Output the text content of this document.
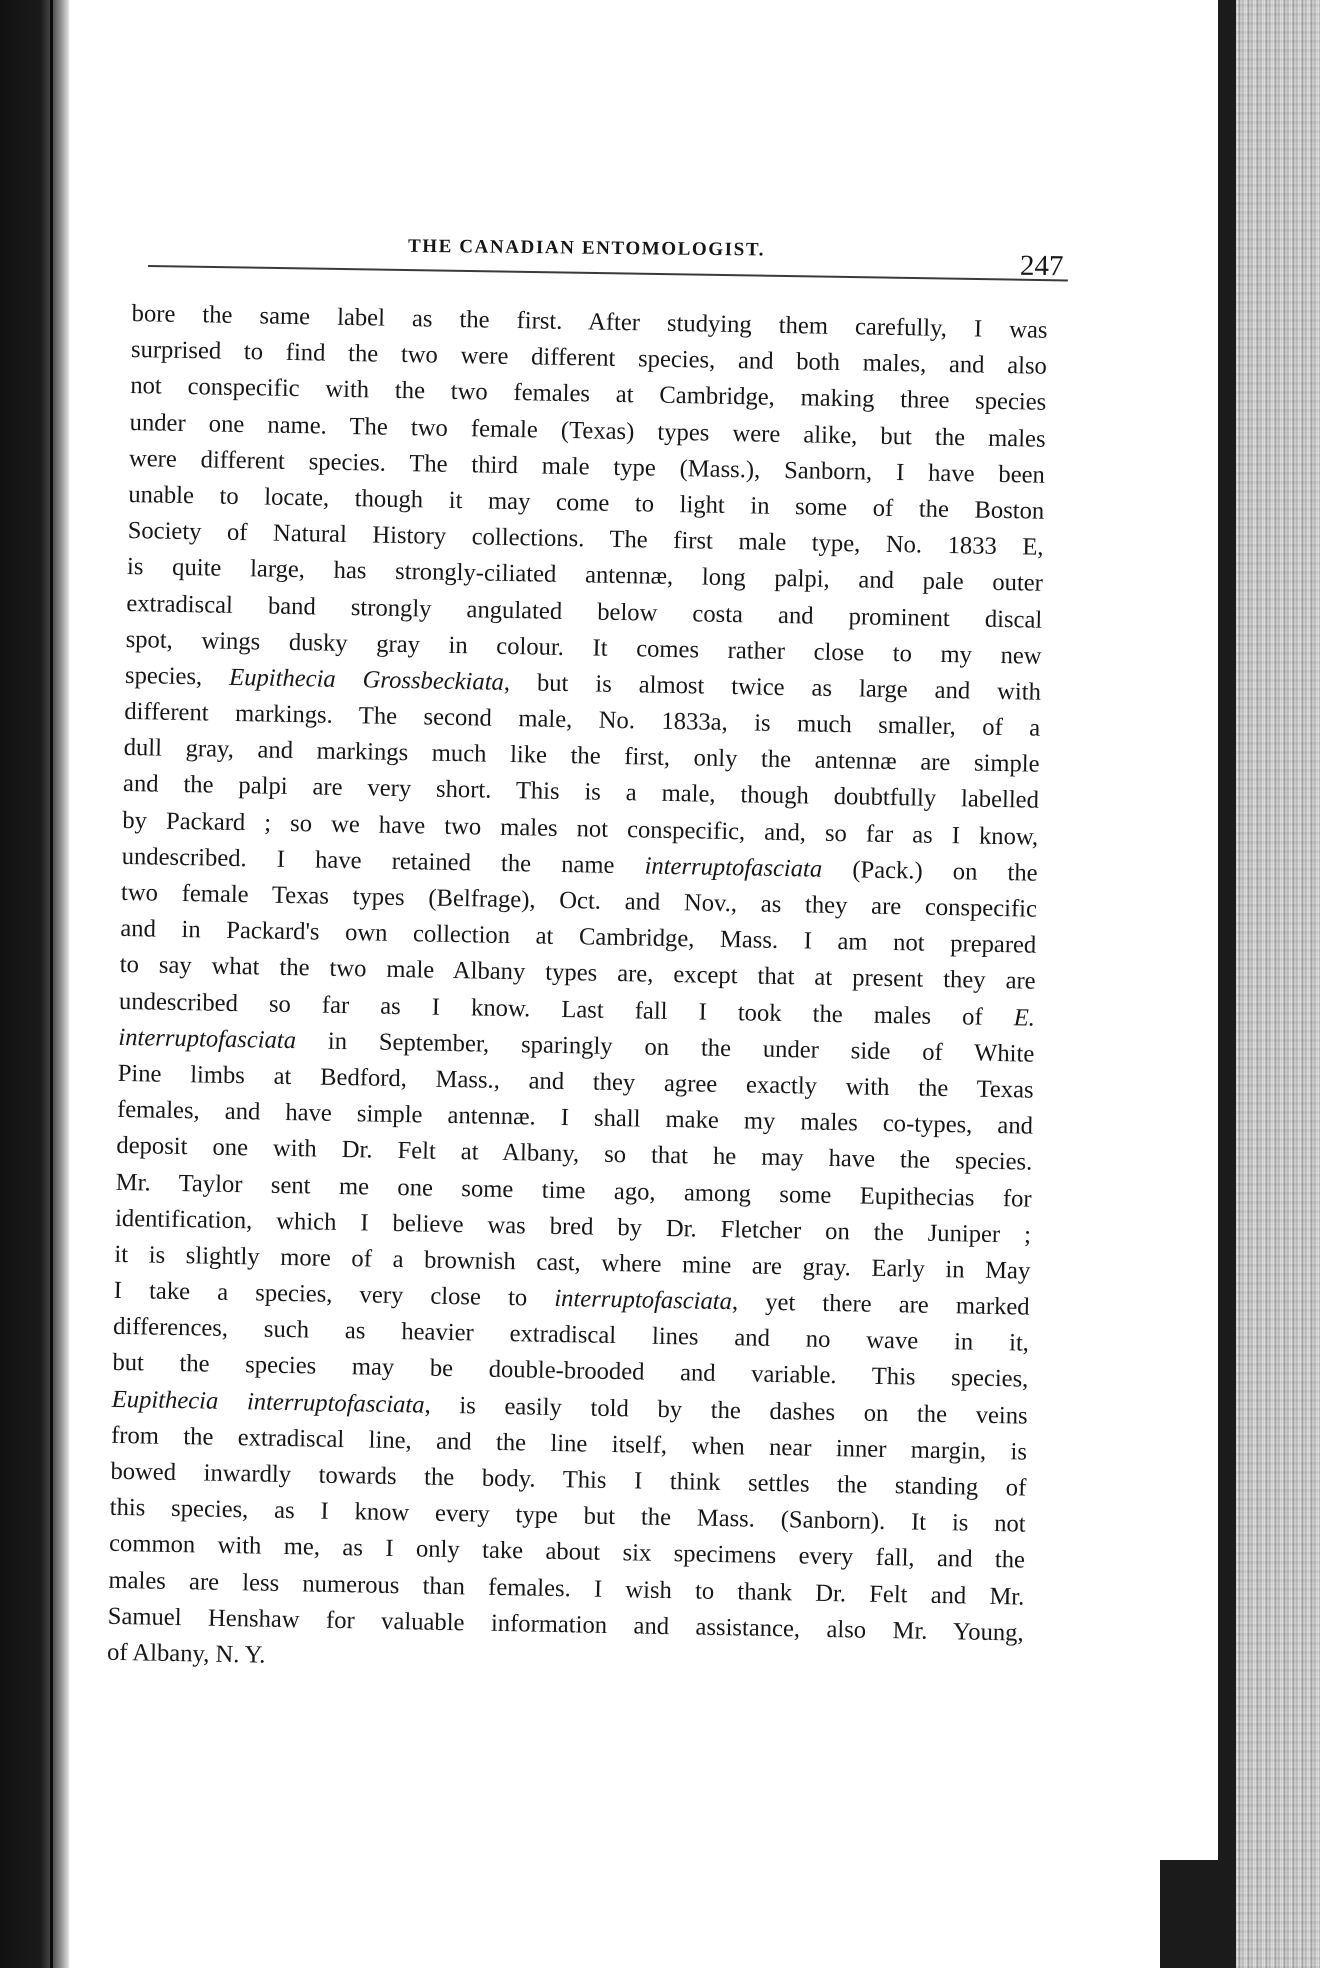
THE CANADIAN ENTOMOLOGIST.
247
bore the same label as the first. After studying them carefully, I was
surprised to find the two were different species, and both males, and also
not conspecific with the two females at Cambridge, making three species
under one name. The two female (Texas) types were alike, but the males
were different species. The third male type (Mass.), Sanborn, I have been
unable to locate, though it may come to light in some of the Boston
Society of Natural History collections. The first male type, No. 1833 E,
is quite large, has strongly-ciliated antennæ, long palpi, and pale outer
extradiscal band strongly angulated below costa and prominent discal
spot, wings dusky gray in colour. It comes rather close to my new
species, Eupithecia Grossbeckiata, but is almost twice as large and with
different markings. The second male, No. 1833a, is much smaller, of a
dull gray, and markings much like the first, only the antennæ are simple
and the palpi are very short. This is a male, though doubtfully labelled
by Packard ; so we have two males not conspecific, and, so far as I know,
undescribed. I have retained the name interruptofasciata (Pack.) on the
two female Texas types (Belfrage), Oct. and Nov., as they are conspecific
and in Packard's own collection at Cambridge, Mass. I am not prepared
to say what the two male Albany types are, except that at present they are
undescribed so far as I know. Last fall I took the males of E.
interruptofasciata in September, sparingly on the under side of White
Pine limbs at Bedford, Mass., and they agree exactly with the Texas
females, and have simple antennæ. I shall make my males co-types, and
deposit one with Dr. Felt at Albany, so that he may have the species.
Mr. Taylor sent me one some time ago, among some Eupithecias for
identification, which I believe was bred by Dr. Fletcher on the Juniper ;
it is slightly more of a brownish cast, where mine are gray. Early in May
I take a species, very close to interruptofasciata, yet there are marked
differences, such as heavier extradiscal lines and no wave in it,
but the species may be double-brooded and variable. This species,
Eupithecia interruptofasciata, is easily told by the dashes on the veins
from the extradiscal line, and the line itself, when near inner margin, is
bowed inwardly towards the body. This I think settles the standing of
this species, as I know every type but the Mass. (Sanborn). It is not
common with me, as I only take about six specimens every fall, and the
males are less numerous than females. I wish to thank Dr. Felt and Mr.
Samuel Henshaw for valuable information and assistance, also Mr. Young,
of Albany, N. Y.
